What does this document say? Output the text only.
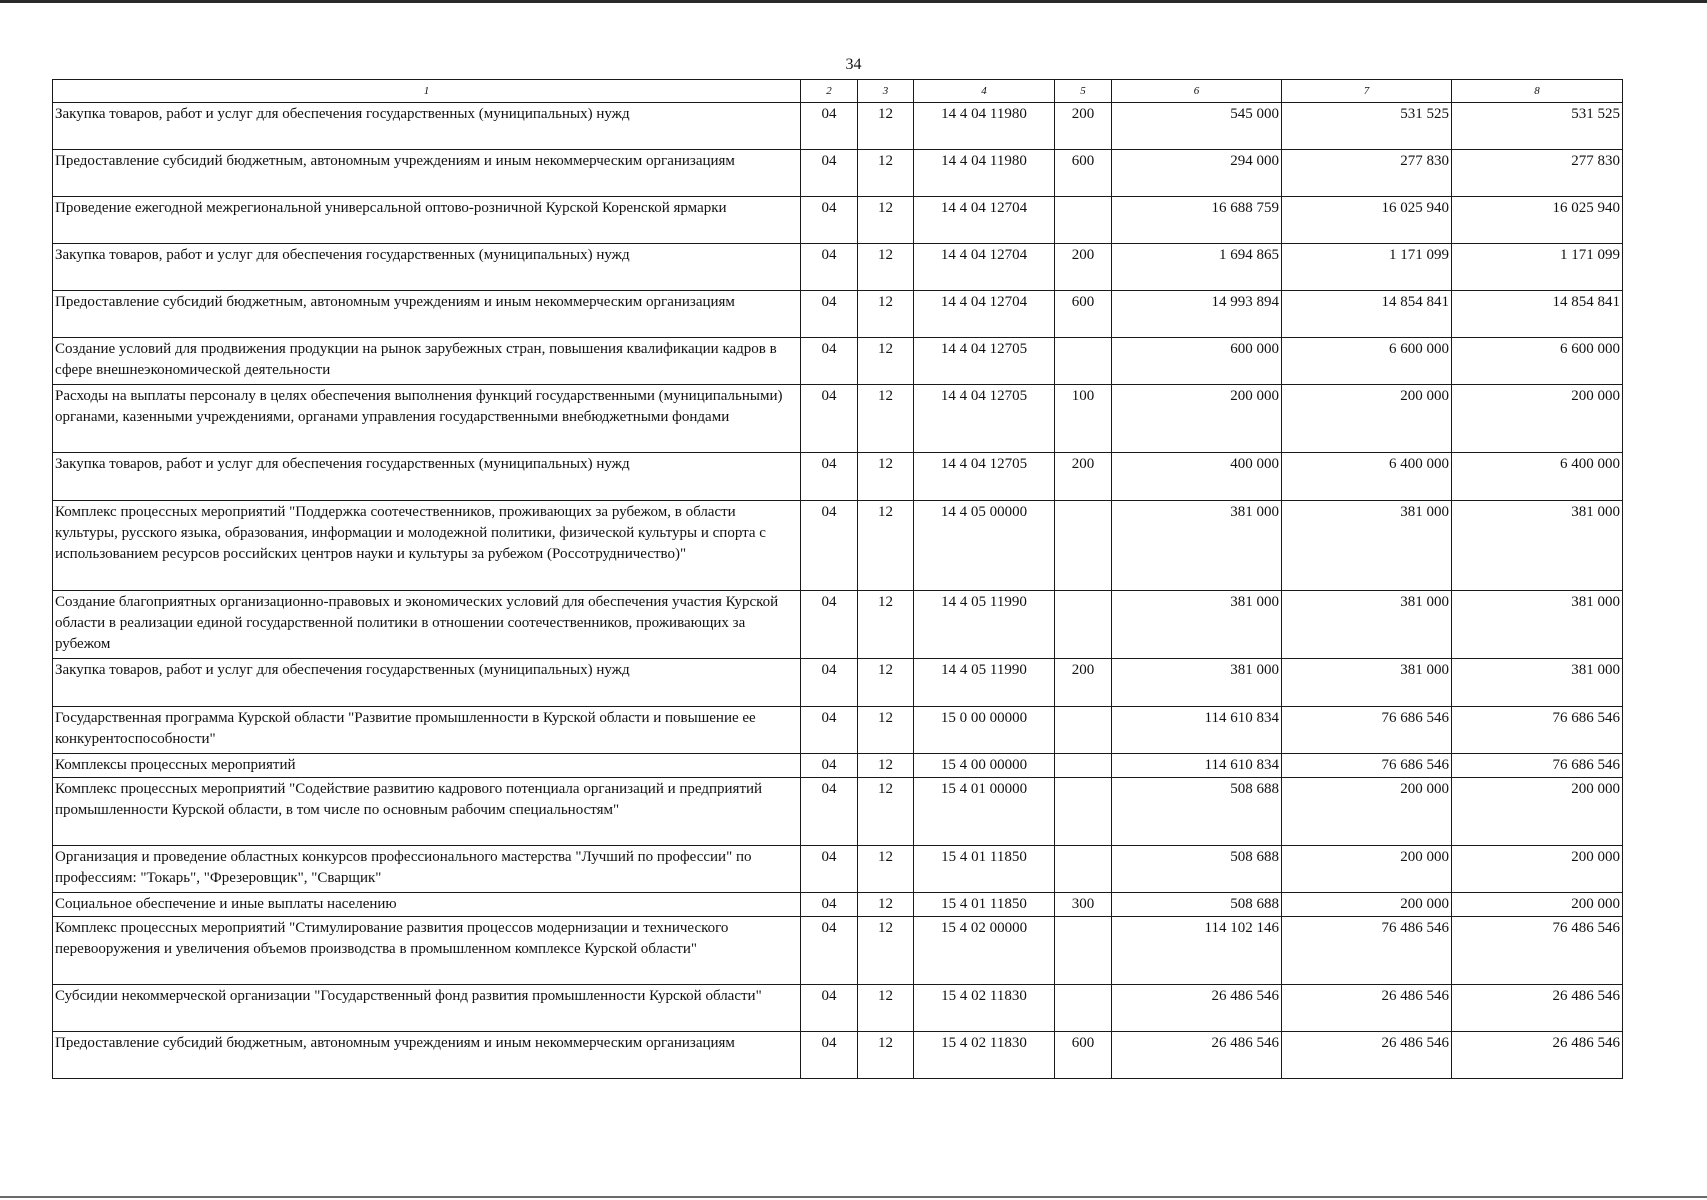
34
1	2	3	4	5	6	7	8
Закупка товаров, работ и услуг для обеспечения государственных (муниципальных) нужд	04	12	14 4 04 11980	200	545 000	531 525	531 525
Предоставление субсидий бюджетным, автономным учреждениям и иным некоммерческим организациям	04	12	14 4 04 11980	600	294 000	277 830	277 830
Проведение ежегодной межрегиональной универсальной оптово-розничной Курской Коренской ярмарки	04	12	14 4 04 12704		16 688 759	16 025 940	16 025 940
Закупка товаров, работ и услуг для обеспечения государственных (муниципальных) нужд	04	12	14 4 04 12704	200	1 694 865	1 171 099	1 171 099
Предоставление субсидий бюджетным, автономным учреждениям и иным некоммерческим организациям	04	12	14 4 04 12704	600	14 993 894	14 854 841	14 854 841
Создание условий для продвижения продукции на рынок зарубежных стран, повышения квалификации кадров в сфере внешнеэкономической деятельности	04	12	14 4 04 12705		600 000	6 600 000	6 600 000
Расходы на выплаты персоналу в целях обеспечения выполнения функций государственными (муниципальными) органами, казенными учреждениями, органами управления государственными внебюджетными фондами	04	12	14 4 04 12705	100	200 000	200 000	200 000
Закупка товаров, работ и услуг для обеспечения государственных (муниципальных) нужд	04	12	14 4 04 12705	200	400 000	6 400 000	6 400 000
Комплекс процессных мероприятий "Поддержка соотечественников, проживающих за рубежом, в области культуры, русского языка, образования, информации и молодежной политики, физической культуры и спорта с использованием ресурсов российских центров науки и культуры за рубежом (Россотрудничество)"	04	12	14 4 05 00000		381 000	381 000	381 000
Создание благоприятных организационно-правовых и экономических условий для обеспечения участия Курской области в реализации единой государственной политики в отношении соотечественников, проживающих за рубежом	04	12	14 4 05 11990		381 000	381 000	381 000
Закупка товаров, работ и услуг для обеспечения государственных (муниципальных) нужд	04	12	14 4 05 11990	200	381 000	381 000	381 000
Государственная программа Курской области "Развитие промышленности в Курской области и повышение ее конкурентоспособности"	04	12	15 0 00 00000		114 610 834	76 686 546	76 686 546
Комплексы процессных мероприятий	04	12	15 4 00 00000		114 610 834	76 686 546	76 686 546
Комплекс процессных мероприятий "Содействие развитию кадрового потенциала организаций и предприятий промышленности Курской области, в том числе по основным рабочим специальностям"	04	12	15 4 01 00000		508 688	200 000	200 000
Организация и проведение областных конкурсов профессионального мастерства "Лучший по профессии" по профессиям: "Токарь", "Фрезеровщик", "Сварщик"	04	12	15 4 01 11850		508 688	200 000	200 000
Социальное обеспечение и иные выплаты населению	04	12	15 4 01 11850	300	508 688	200 000	200 000
Комплекс процессных мероприятий "Стимулирование развития процессов модернизации и технического перевооружения и увеличения объемов производства в промышленном комплексе Курской области"	04	12	15 4 02 00000		114 102 146	76 486 546	76 486 546
Субсидии некоммерческой организации "Государственный фонд развития промышленности Курской области"	04	12	15 4 02 11830		26 486 546	26 486 546	26 486 546
Предоставление субсидий бюджетным, автономным учреждениям и иным некоммерческим организациям	04	12	15 4 02 11830	600	26 486 546	26 486 546	26 486 546
